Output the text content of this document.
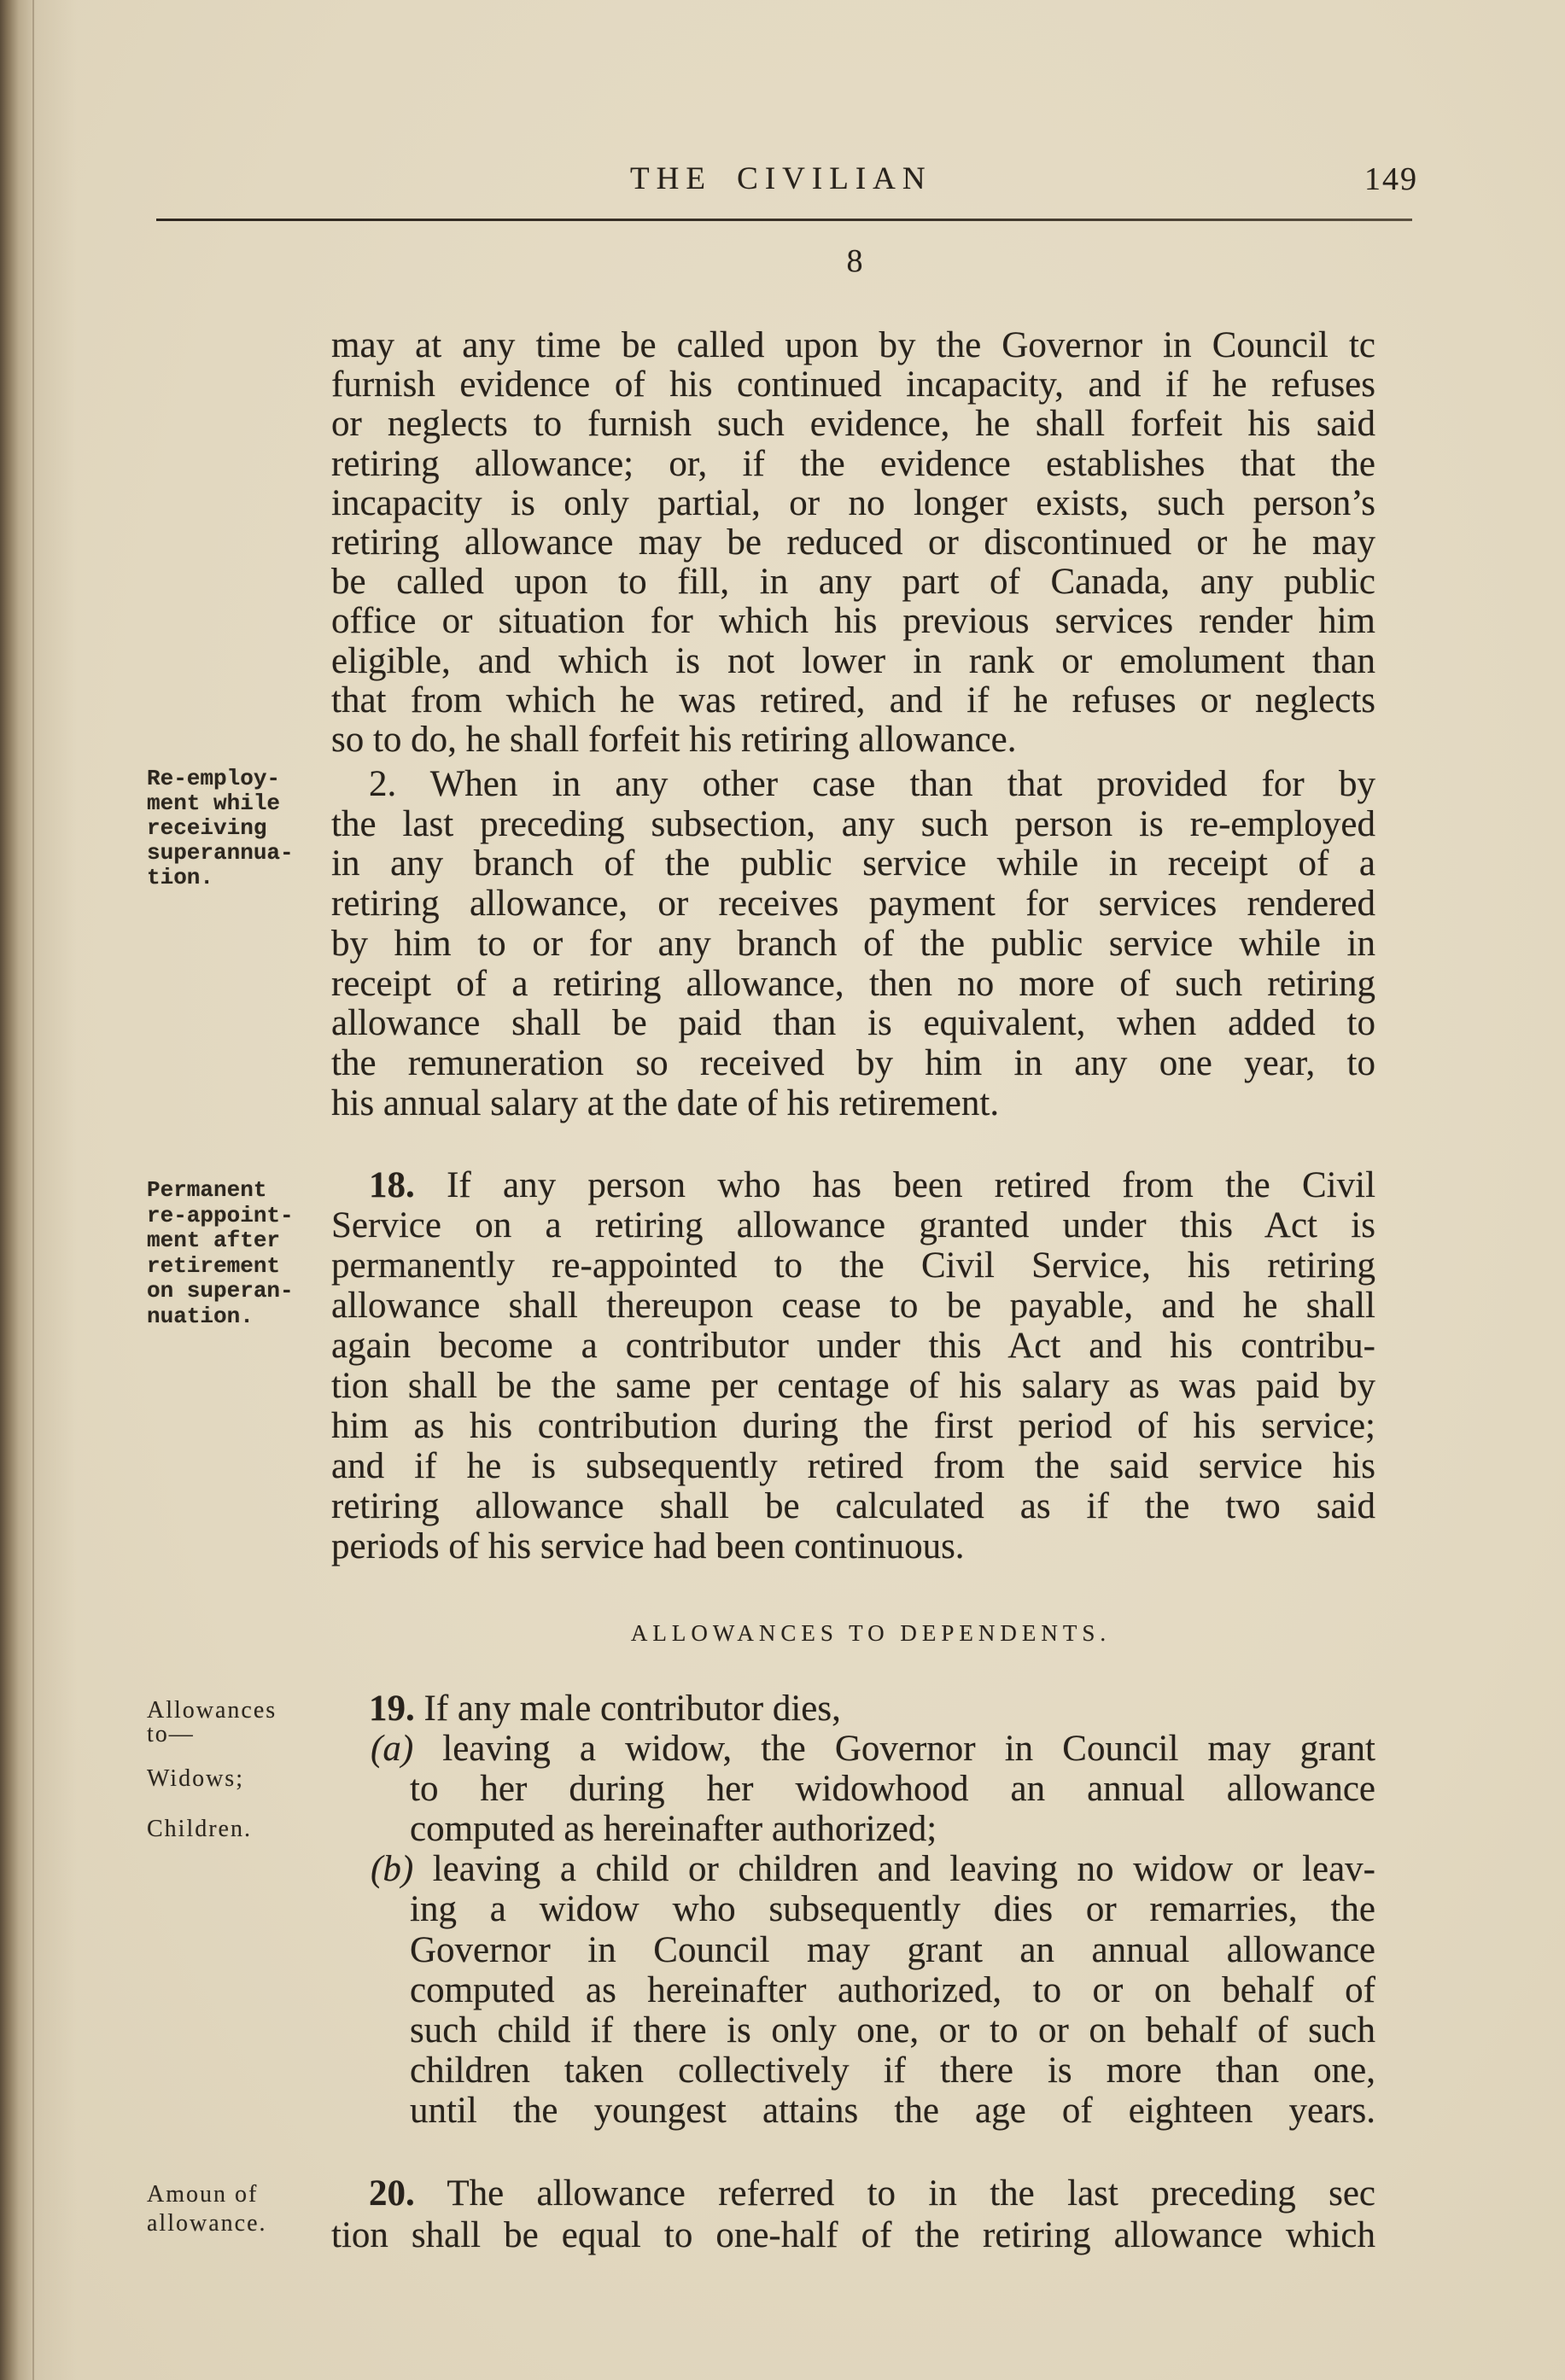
THE CIVILIAN	149
8
Re-employ-
ment while
receiving
superannua-
tion.
Permanent
re-appoint-
ment after
retirement
on superan-
nuation.
Allowances
to—
Widows;
Children.
Amoun of
allowance.
may at any time be called upon by the Governor in Council tc
furnish evidence of his continued incapacity, and if he refuses
or neglects to furnish such evidence, he shall forfeit his said
retiring allowance; or, if the evidence establishes that the
incapacity is only partial, or no longer exists, such person’s
retiring allowance may be reduced or discontinued or he may
be called upon to fill, in any part of Canada, any public
office or situation for which his previous services render him
eligible, and which is not lower in rank or emolument than
that from which he was retired, and if he refuses or neglects
so to do, he shall forfeit his retiring allowance.
2. When in any other case than that provided for by
the last preceding subsection, any such person is re-employed
in any branch of the public service while in receipt of a
retiring allowance, or receives payment for services rendered
by him to or for any branch of the public service while in
receipt of a retiring allowance, then no more of such retiring
allowance shall be paid than is equivalent, when added to
the remuneration so received by him in any one year, to
his annual salary at the date of his retirement.
18. If any person who has been retired from the Civil
Service on a retiring allowance granted under this Act is
permanently re-appointed to the Civil Service, his retiring
allowance shall thereupon cease to be payable, and he shall
again become a contributor under this Act and his contribu-
tion shall be the same per centage of his salary as was paid by
him as his contribution during the first period of his service;
and if he is subsequently retired from the said service his
retiring allowance shall be calculated as if the two said
periods of his service had been continuous.
ALLOWANCES TO DEPENDENTS.
19. If any male contributor dies,
(a) leaving a widow, the Governor in Council may grant
to her during her widowhood an annual allowance
computed as hereinafter authorized;
(b) leaving a child or children and leaving no widow or leav-
ing a widow who subsequently dies or remarries, the
Governor in Council may grant an annual allowance
computed as hereinafter authorized, to or on behalf of
such child if there is only one, or to or on behalf of such
children taken collectively if there is more than one,
until the youngest attains the age of eighteen years.
20. The allowance referred to in the last preceding sec
tion shall be equal to one-half of the retiring allowance which
